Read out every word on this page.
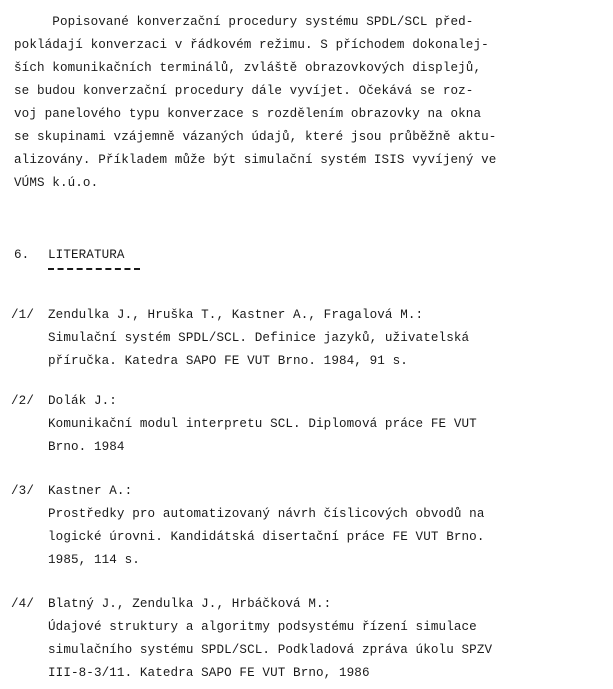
Popisované konverzační procedury systému SPDL/SCL před-
pokládají konverzaci v řádkovém režimu. S příchodem dokonalej-
ších komunikačních terminálů, zvláště obrazovkových displejů,
se budou konverzační procedury dále vyvíjet. Očekává se roz-
voj panelového typu konverzace s rozdělením obrazovky na okna
se skupinami vzájemně vázaných údajů, které jsou průběžně aktu-
alizovány. Příkladem může být simulační systém ISIS vyvíjený ve
VÚMS k.ú.o.
6. LITERATURA
/1/ Zendulka J., Hruška T., Kastner A., Fragalová M.:
Simulační systém SPDL/SCL. Definice jazyků, uživatelská
příručka. Katedra SAPO FE VUT Brno. 1984, 91 s.
/2/ Dolák J.:
Komunikační modul interpretu SCL. Diplomová práce FE VUT
Brno. 1984
/3/ Kastner A.:
Prostředky pro automatizovaný návrh číslicových obvodů na
logické úrovni. Kandidátská disertační práce FE VUT Brno.
1985, 114 s.
/4/ Blatný J., Zendulka J., Hrbáčková M.:
Údajové struktury a algoritmy podsystému řízení simulace
simulačního systému SPDL/SCL. Podkladová zpráva úkolu SPZV
III-8-3/11. Katedra SAPO FE VUT Brno, 1986
